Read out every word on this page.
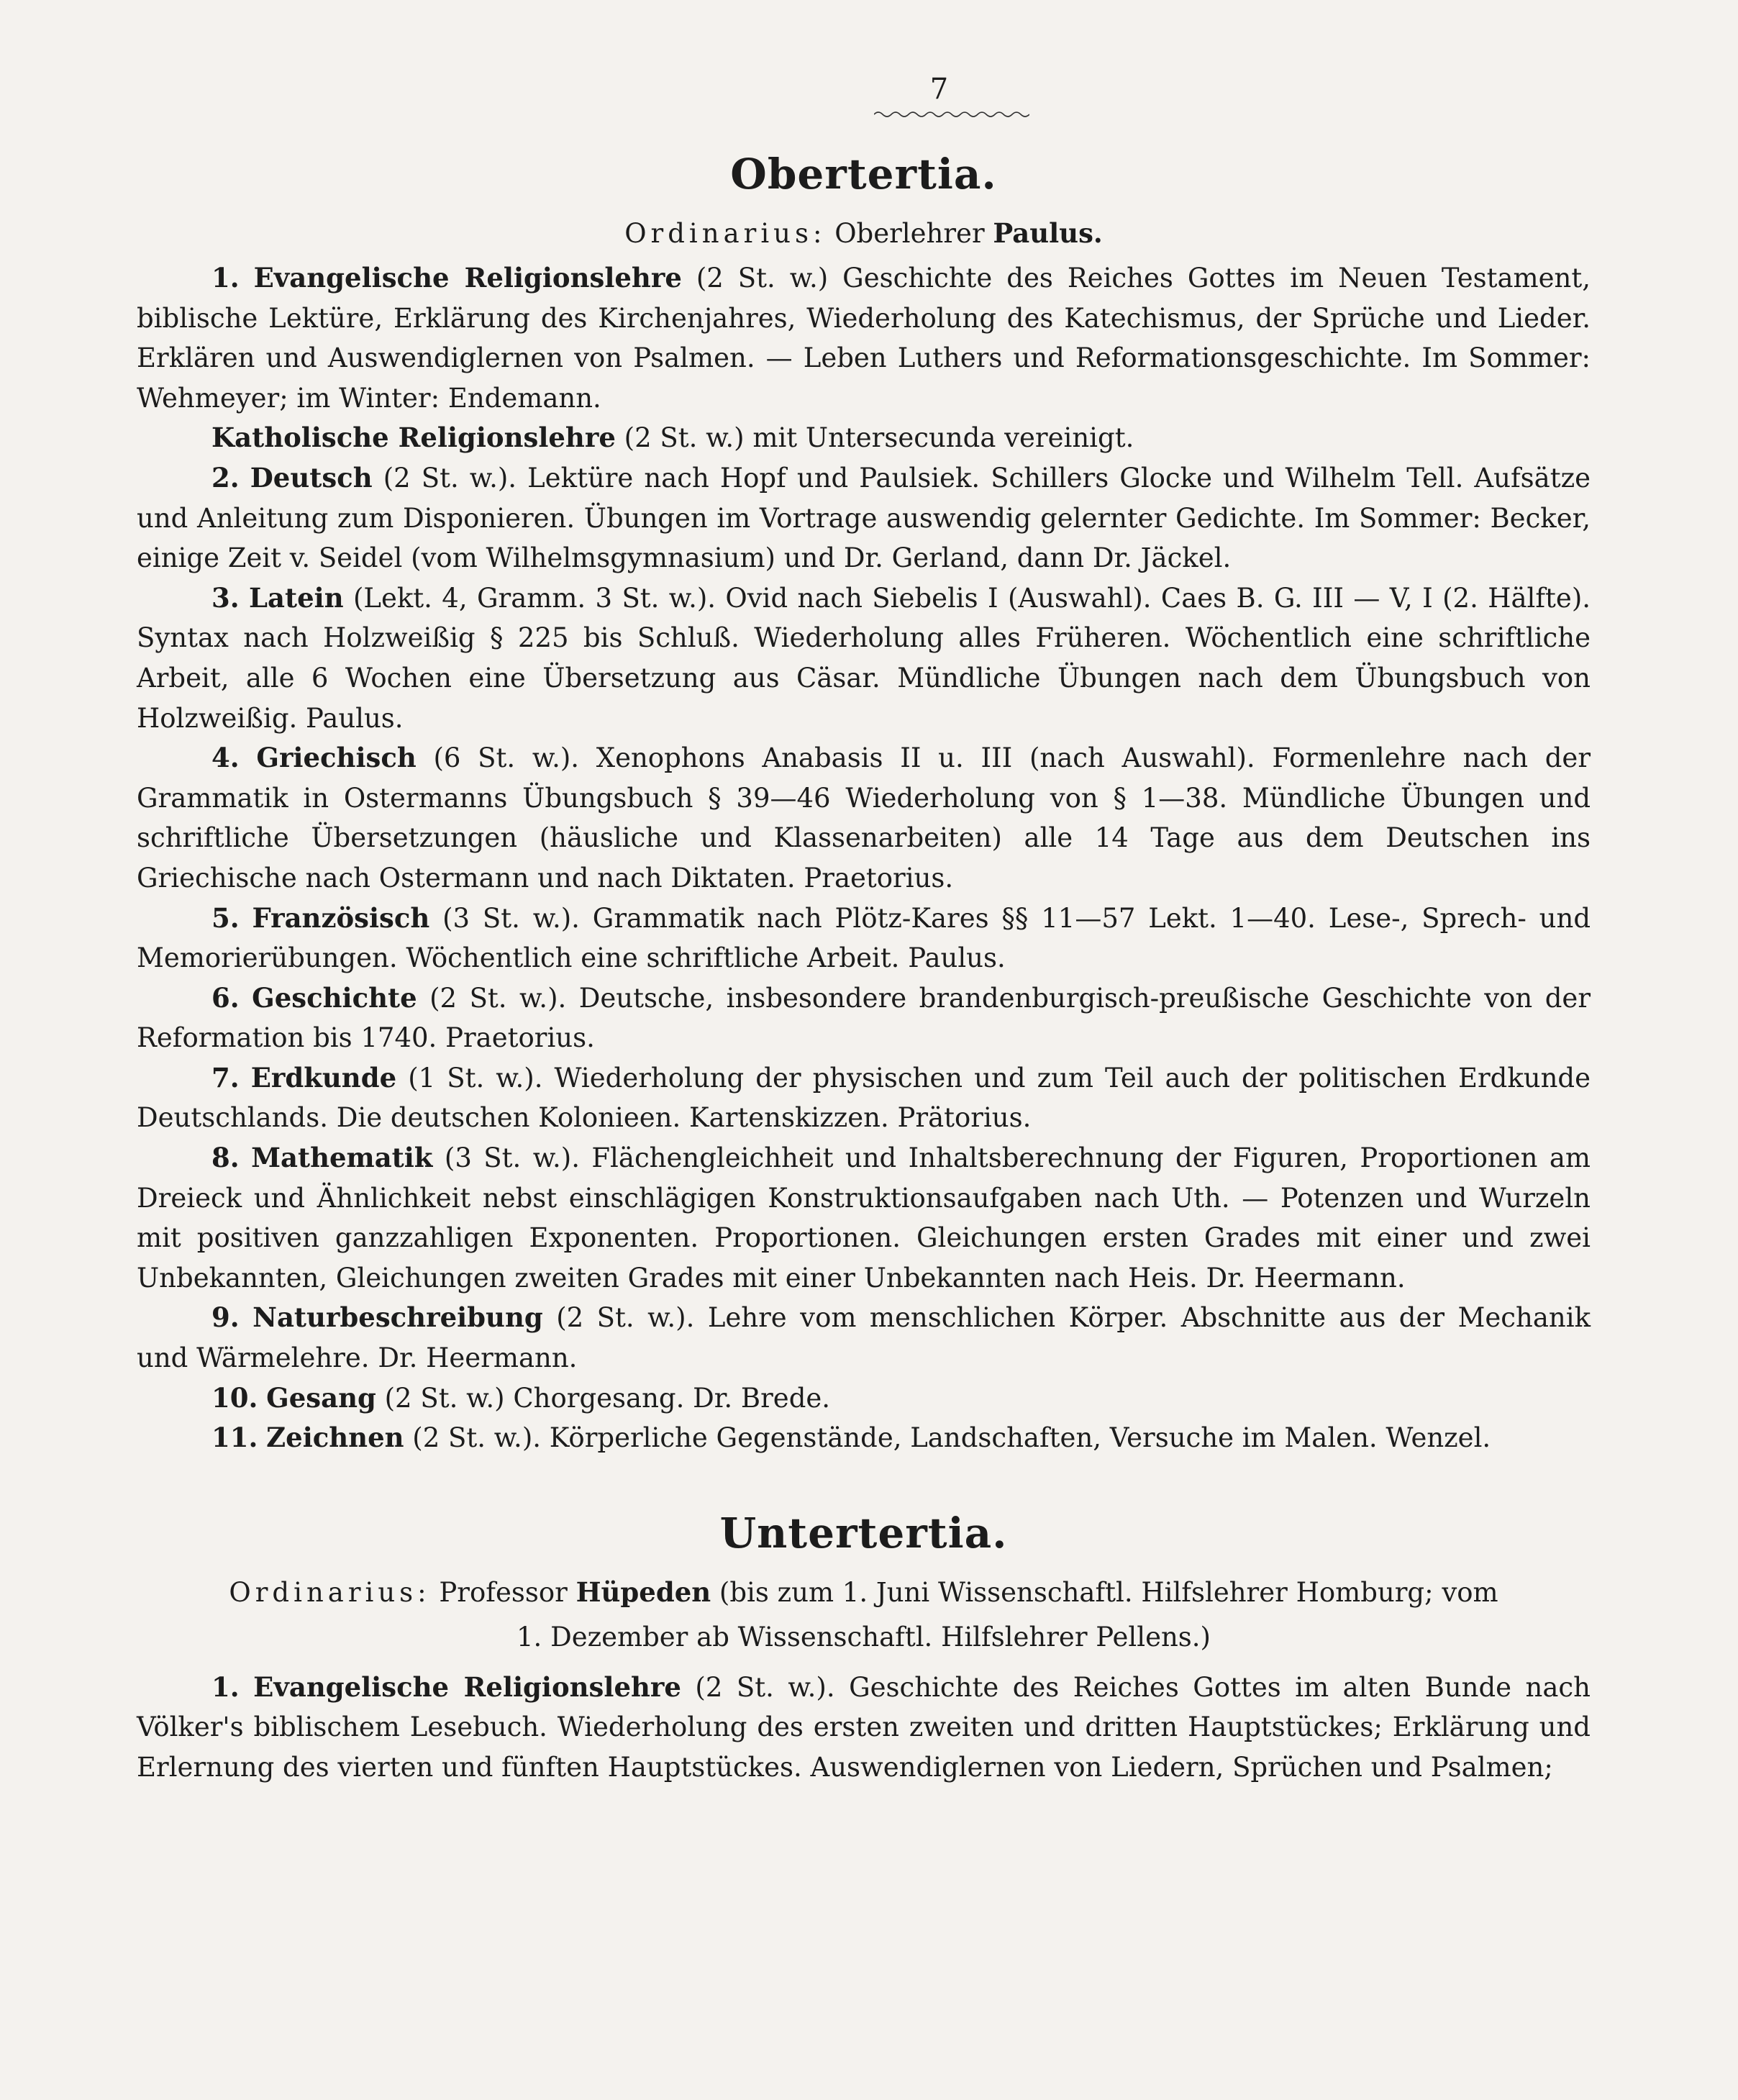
7
Obertertia.
Ordinarius: Oberlehrer Paulus.

1. Evangelische Religionslehre (2 St. w.) Geschichte des Reiches Gottes im Neuen Testament, biblische Lektüre, Erklärung des Kirchenjahres, Wiederholung des Katechismus, der Sprüche und Lieder. Erklären und Auswendiglernen von Psalmen. — Leben Luthers und Reformationsgeschichte. Im Sommer: Wehmeyer; im Winter: Endemann.

Katholische Religionslehre (2 St. w.) mit Untersecunda vereinigt.

2. Deutsch (2 St. w.). Lektüre nach Hopf und Paulsiek. Schillers Glocke und Wilhelm Tell. Aufsätze und Anleitung zum Disponieren. Übungen im Vortrage auswendig gelernter Gedichte. Im Sommer: Becker, einige Zeit v. Seidel (vom Wilhelmsgymnasium) und Dr. Gerland, dann Dr. Jäckel.

3. Latein (Lekt. 4, Gramm. 3 St. w.). Ovid nach Siebelis I (Auswahl). Caes B. G. III — V, I (2. Hälfte). Syntax nach Holzweißig § 225 bis Schluß. Wiederholung alles Früheren. Wöchentlich eine schriftliche Arbeit, alle 6 Wochen eine Übersetzung aus Cäsar. Mündliche Übungen nach dem Übungsbuch von Holzweißig. Paulus.

4. Griechisch (6 St. w.). Xenophons Anabasis II u. III (nach Auswahl). Formenlehre nach der Grammatik in Ostermanns Übungsbuch § 39—46 Wiederholung von § 1—38. Mündliche Übungen und schriftliche Übersetzungen (häusliche und Klassenarbeiten) alle 14 Tage aus dem Deutschen ins Griechische nach Ostermann und nach Diktaten. Praetorius.

5. Französisch (3 St. w.). Grammatik nach Plötz-Kares §§ 11—57 Lekt. 1—40. Lese-, Sprech- und Memorierübungen. Wöchentlich eine schriftliche Arbeit. Paulus.

6. Geschichte (2 St. w.). Deutsche, insbesondere brandenburgisch-preußische Geschichte von der Reformation bis 1740. Praetorius.

7. Erdkunde (1 St. w.). Wiederholung der physischen und zum Teil auch der politischen Erdkunde Deutschlands. Die deutschen Kolonieen. Kartenskizzen. Prätorius.

8. Mathematik (3 St. w.). Flächengleichheit und Inhaltsberechnung der Figuren, Proportionen am Dreieck und Ähnlichkeit nebst einschlägigen Konstruktionsaufgaben nach Uth. — Potenzen und Wurzeln mit positiven ganzzahligen Exponenten. Proportionen. Gleichungen ersten Grades mit einer und zwei Unbekannten, Gleichungen zweiten Grades mit einer Unbekannten nach Heis. Dr. Heermann.

9. Naturbeschreibung (2 St. w.). Lehre vom menschlichen Körper. Abschnitte aus der Mechanik und Wärmelehre. Dr. Heermann.

10. Gesang (2 St. w.) Chorgesang. Dr. Brede.

11. Zeichnen (2 St. w.). Körperliche Gegenstände, Landschaften, Versuche im Malen. Wenzel.

Untertertia.
Ordinarius: Professor Hüpeden (bis zum 1. Juni Wissenschaftl. Hilfslehrer Homburg; vom
1. Dezember ab Wissenschaftl. Hilfslehrer Pellens.)

1. Evangelische Religionslehre (2 St. w.). Geschichte des Reiches Gottes im alten Bunde nach Völker's biblischem Lesebuch. Wiederholung des ersten zweiten und dritten Hauptstückes; Erklärung und Erlernung des vierten und fünften Hauptstückes. Auswendiglernen von Liedern, Sprüchen und Psalmen;
